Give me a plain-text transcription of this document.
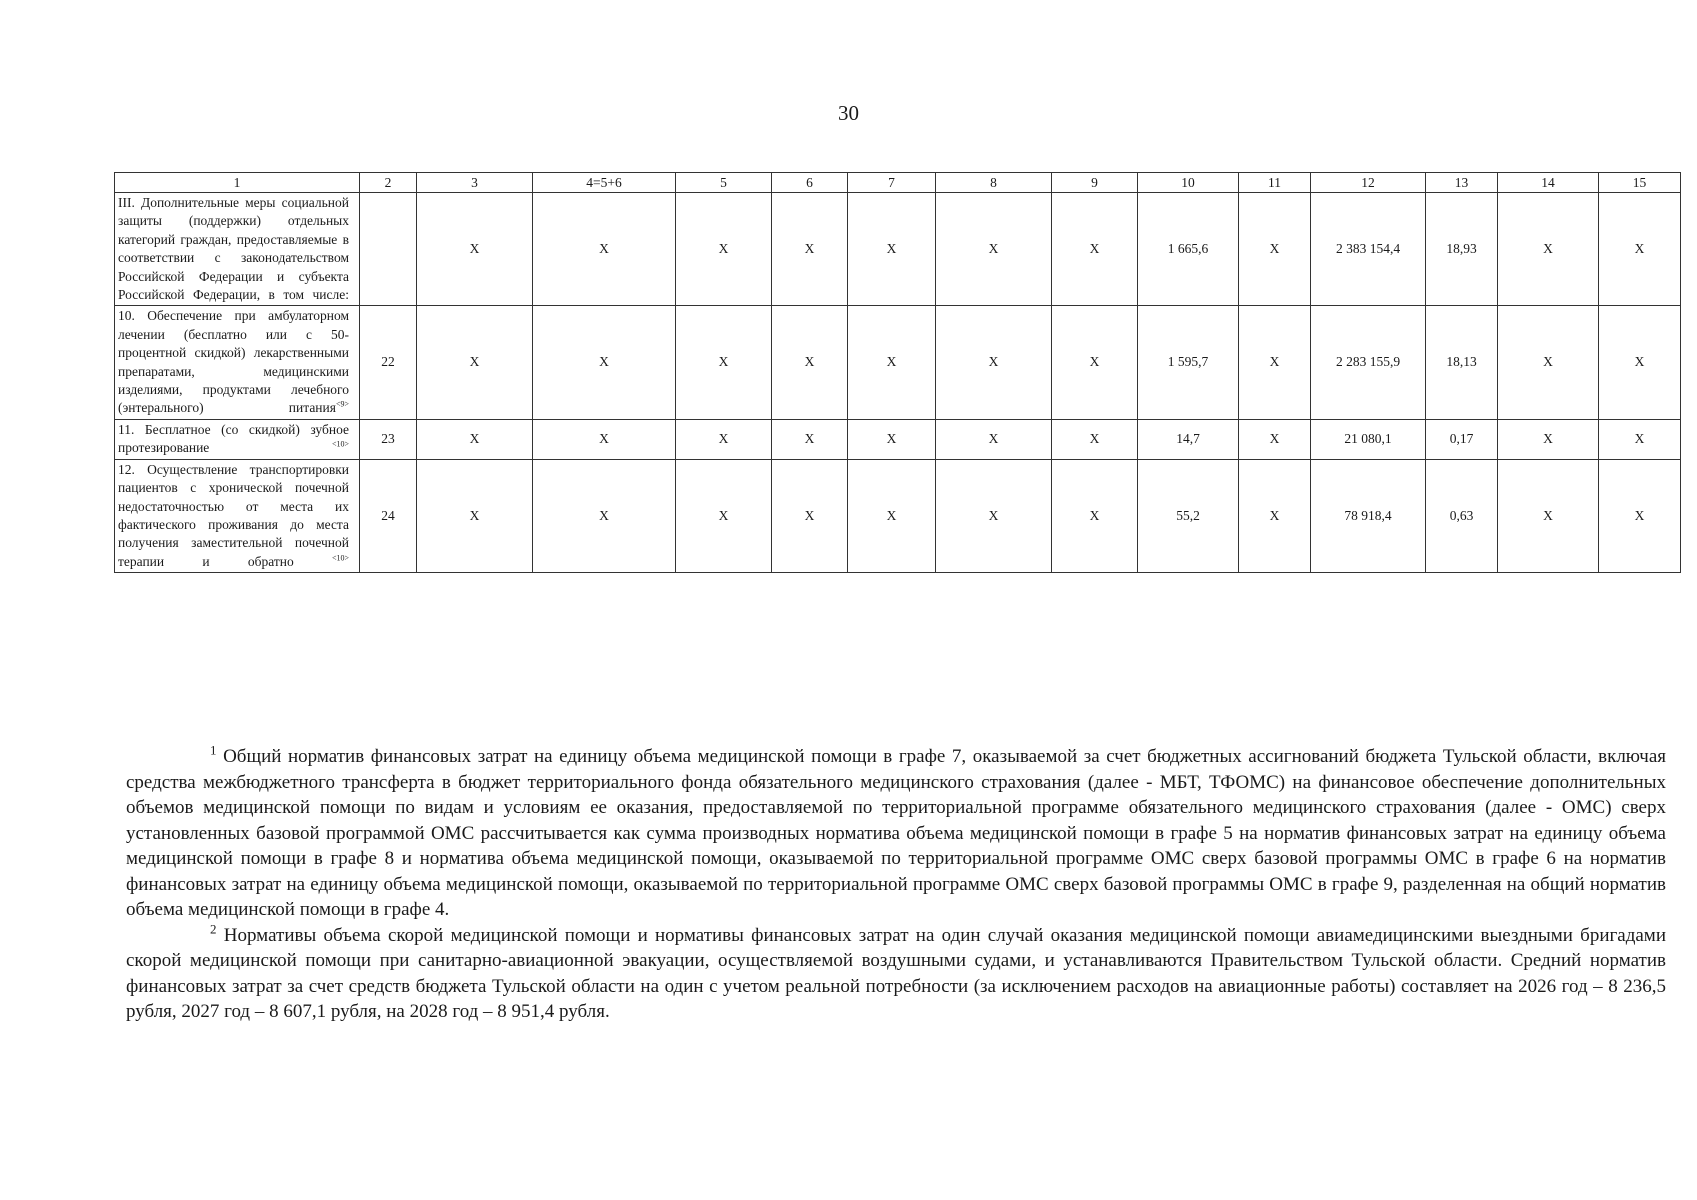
30
1	2	3	4=5+6	5	6	7	8	9	10	11	12	13	14	15
III. Дополнительные меры социальной защиты (поддержки) отдельных категорий граждан, предоставляемые в соответствии с законодательством Российской Федерации и субъекта Российской Федерации, в том числе:		X	X	X	X	X	X	X	1 665,6	X	2 383 154,4	18,93	X	X
10. Обеспечение при амбулаторном лечении (бесплатно или с 50-процентной скидкой) лекарственными препаратами, медицинскими изделиями, продуктами лечебного (энтерального) питания$^{<9>}$	22	X	X	X	X	X	X	X	1 595,7	X	2 283 155,9	18,13	X	X
11. Бесплатное (со скидкой) зубное протезирование $^{<10>}$	23	X	X	X	X	X	X	X	14,7	X	21 080,1	0,17	X	X
12. Осуществление транспортировки пациентов с хронической почечной недостаточностью от места их фактического проживания до места получения заместительной почечной терапии и обратно $^{<10>}$	24	X	X	X	X	X	X	X	55,2	X	78 918,4	0,63	X	X

$^1$ Общий норматив финансовых затрат на единицу объема медицинской помощи в графе 7, оказываемой за счет бюджетных ассигнований бюджета Тульской области, включая средства межбюджетного трансферта в бюджет территориального фонда обязательного медицинского страхования (далее - МБТ, ТФОМС) на финансовое обеспечение дополнительных объемов медицинской помощи по видам и условиям ее оказания, предоставляемой по территориальной программе обязательного медицинского страхования (далее - ОМС) сверх установленных базовой программой ОМС рассчитывается как сумма производных норматива объема медицинской помощи в графе 5 на норматив финансовых затрат на единицу объема медицинской помощи в графе 8 и норматива объема медицинской помощи, оказываемой по территориальной программе ОМС сверх базовой программы ОМС в графе 6 на норматив финансовых затрат на единицу объема медицинской помощи, оказываемой по территориальной программе ОМС сверх базовой программы ОМС в графе 9, разделенная на общий норматив объема медицинской помощи в графе 4.

$^2$ Нормативы объема скорой медицинской помощи и нормативы финансовых затрат на один случай оказания медицинской помощи авиамедицинскими выездными бригадами скорой медицинской помощи при санитарно-авиационной эвакуации, осуществляемой воздушными судами, и устанавливаются Правительством Тульской области. Средний норматив финансовых затрат за счет средств бюджета Тульской области на один с учетом реальной потребности (за исключением расходов на авиационные работы) составляет на 2026 год – 8 236,5 рубля, 2027 год – 8 607,1 рубля, на 2028 год – 8 951,4 рубля.
